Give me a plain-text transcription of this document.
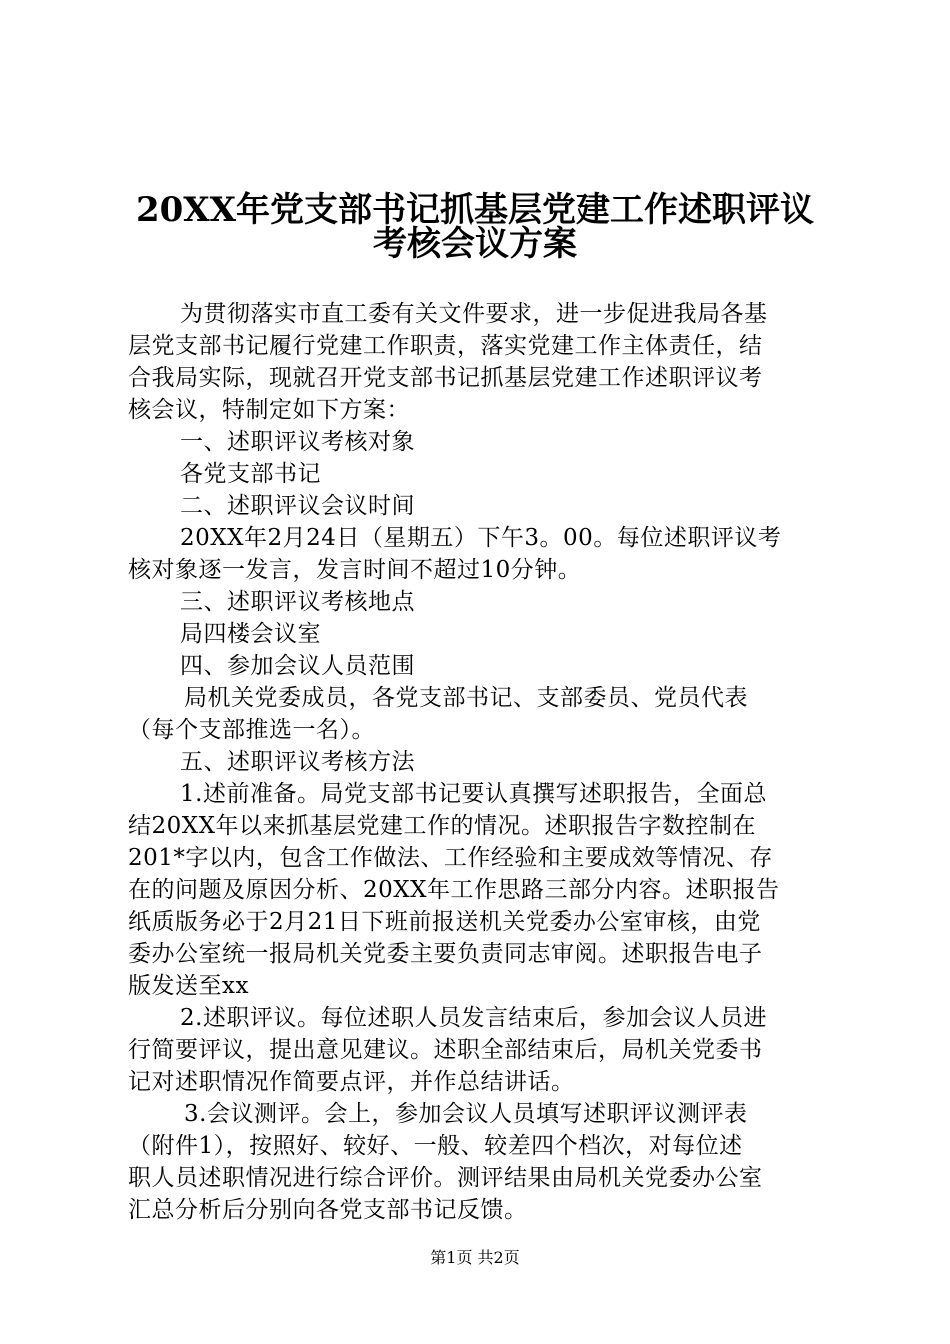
20XX年党支部书记抓基层党建工作述职评议
考核会议方案
为贯彻落实市直工委有关文件要求，进一步促进我局各基
层党支部书记履行党建工作职责，落实党建工作主体责任，结
合我局实际，现就召开党支部书记抓基层党建工作述职评议考
核会议，特制定如下方案：
一、述职评议考核对象
各党支部书记
二、述职评议会议时间
20XX年2月24日（星期五）下午3。00。每位述职评议考
核对象逐一发言，发言时间不超过10分钟。
三、述职评议考核地点
局四楼会议室
四、参加会议人员范围
局机关党委成员，各党支部书记、支部委员、党员代表
（每个支部推选一名）。
五、述职评议考核方法
1.述前准备。局党支部书记要认真撰写述职报告，全面总
结20XX年以来抓基层党建工作的情况。述职报告字数控制在
201*字以内，包含工作做法、工作经验和主要成效等情况、存
在的问题及原因分析、20XX年工作思路三部分内容。述职报告
纸质版务必于2月21日下班前报送机关党委办公室审核，由党
委办公室统一报局机关党委主要负责同志审阅。述职报告电子
版发送至xx
2.述职评议。每位述职人员发言结束后，参加会议人员进
行简要评议，提出意见建议。述职全部结束后，局机关党委书
记对述职情况作简要点评，并作总结讲话。
3.会议测评。会上，参加会议人员填写述职评议测评表
（附件1），按照好、较好、一般、较差四个档次，对每位述
职人员述职情况进行综合评价。测评结果由局机关党委办公室
汇总分析后分别向各党支部书记反馈。
第1页 共2页
